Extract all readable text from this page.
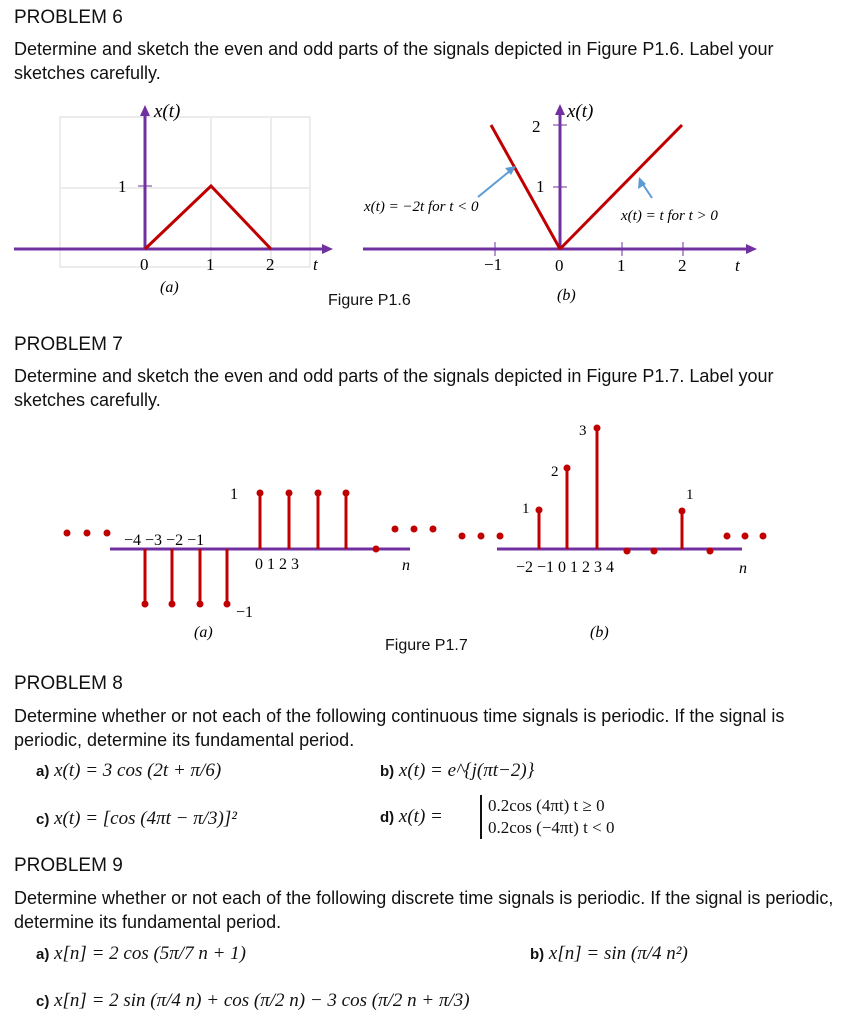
PROBLEM 6
Determine and sketch the even and odd parts of the signals depicted in Figure P1.6. Label your sketches carefully.
1
x(t)
0	1	2 t
(a)
2
1
x(t)
−1	0	1	2	t
(b)
x(t) = −2t for t < 0
x(t) = t for t > 0
Figure P1.6
PROBLEM 7
Determine and sketch the even and odd parts of the signals depicted in Figure P1.7. Label your sketches carefully.
−4 −3 −2 −1
0 1 2 3
1
−1
n
(a)
1
2
3
1
−2 −1 0 1 2 3 4	n
(b)
Figure P1.7
PROBLEM 8
Determine whether or not each of the following continuous time signals is periodic. If the signal is periodic, determine its fundamental period.
a) x(t) = 3 cos (2t + π/6)	b) x(t) = e^{j(πt−2)}
c) x(t) = [cos (4πt − π/3)]²	d) x(t) =
0.2cos (4πt) t ≥ 0
0.2cos (−4πt) t < 0
PROBLEM 9
Determine whether or not each of the following discrete time signals is periodic. If the signal is periodic, determine its fundamental period.
a) x[n] = 2 cos (5π/7 n + 1)	b) x[n] = sin (π/4 n²)
c) x[n] = 2 sin (π/4 n) + cos (π/2 n) − 3 cos (π/2 n + π/3)
